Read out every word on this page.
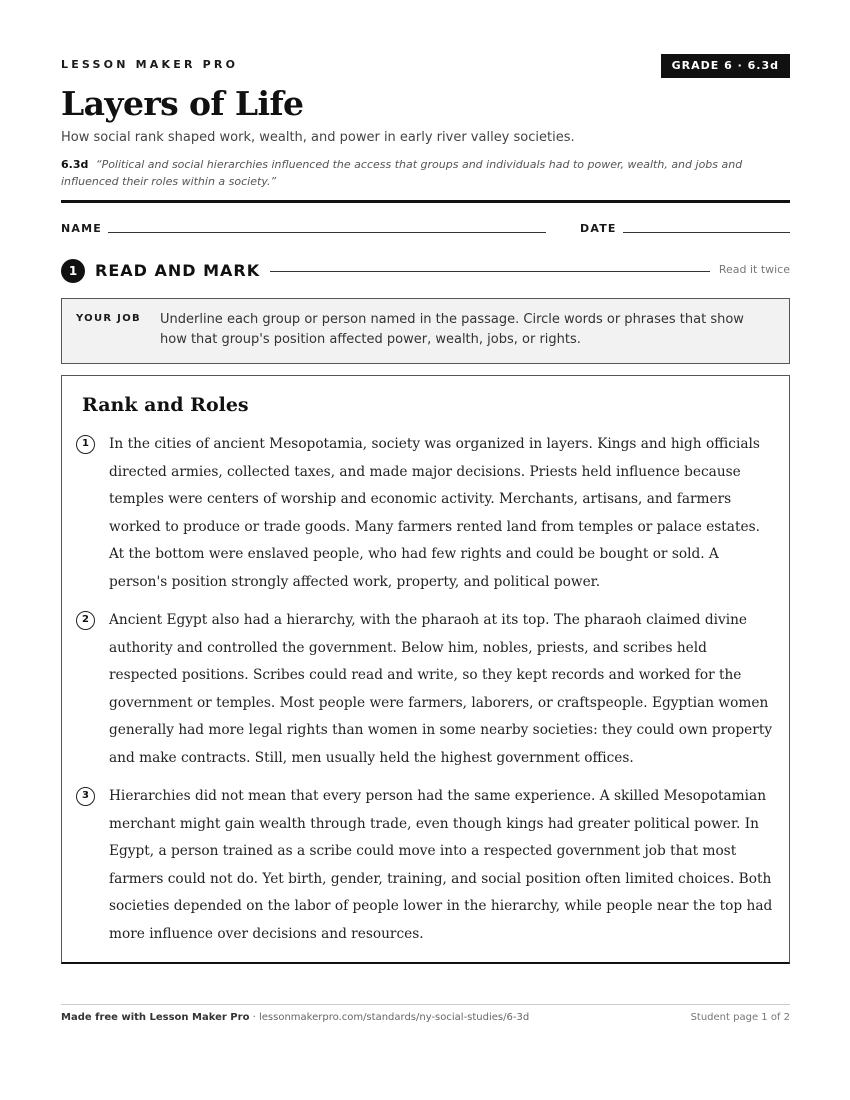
LESSON MAKER PRO	GRADE 6 · 6.3d
Layers of Life
How social rank shaped work, wealth, and power in early river valley societies.
6.3d “Political and social hierarchies influenced the access that groups and individuals had to power, wealth, and jobs and influenced their roles within a society.”
NAME	DATE
1	READ AND MARK	Read it twice
YOUR JOB Underline each group or person named in the passage. Circle words or phrases that show how that group's position affected power, wealth, jobs, or rights.
Rank and Roles
1	In the cities of ancient Mesopotamia, society was organized in layers. Kings and high officials directed armies, collected taxes, and made major decisions. Priests held influence because temples were centers of worship and economic activity. Merchants, artisans, and farmers worked to produce or trade goods. Many farmers rented land from temples or palace estates. At the bottom were enslaved people, who had few rights and could be bought or sold. A person's position strongly affected work, property, and political power.
2	Ancient Egypt also had a hierarchy, with the pharaoh at its top. The pharaoh claimed divine authority and controlled the government. Below him, nobles, priests, and scribes held respected positions. Scribes could read and write, so they kept records and worked for the government or temples. Most people were farmers, laborers, or craftspeople. Egyptian women generally had more legal rights than women in some nearby societies: they could own property and make contracts. Still, men usually held the highest government offices.
3	Hierarchies did not mean that every person had the same experience. A skilled Mesopotamian merchant might gain wealth through trade, even though kings had greater political power. In Egypt, a person trained as a scribe could move into a respected government job that most farmers could not do. Yet birth, gender, training, and social position often limited choices. Both societies depended on the labor of people lower in the hierarchy, while people near the top had more influence over decisions and resources.
Made free with Lesson Maker Pro · lessonmakerpro.com/standards/ny-social-studies/6-3d	Student page 1 of 2
